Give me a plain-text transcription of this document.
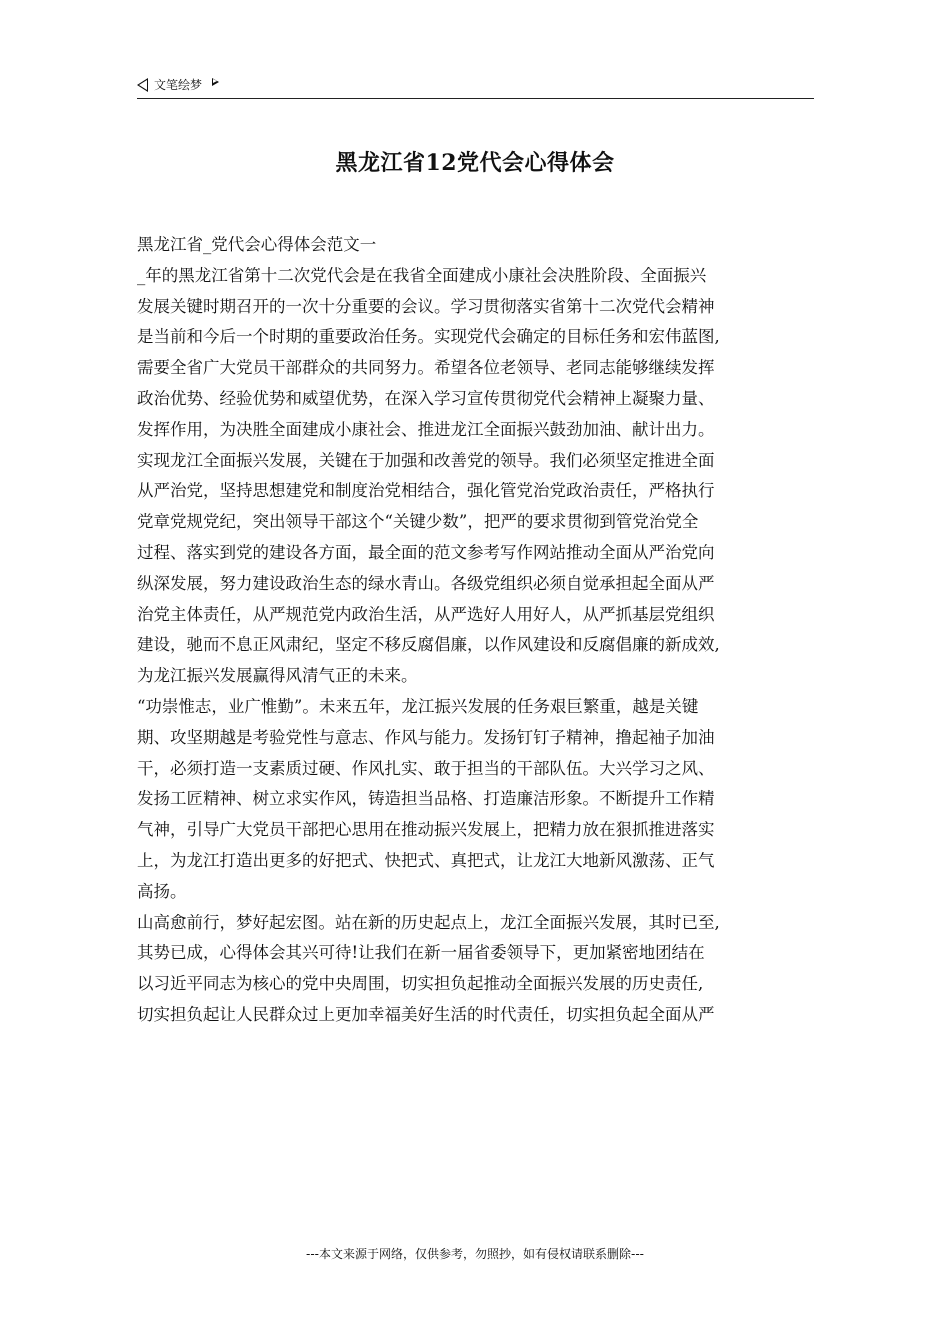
文笔绘梦
黑龙江省12党代会心得体会
黑龙江省_党代会心得体会范文一
_年的黑龙江省第十二次党代会是在我省全面建成小康社会决胜阶段、全面振兴
发展关键时期召开的一次十分重要的会议。学习贯彻落实省第十二次党代会精神
是当前和今后一个时期的重要政治任务。实现党代会确定的目标任务和宏伟蓝图,
需要全省广大党员干部群众的共同努力。希望各位老领导、老同志能够继续发挥
政治优势、经验优势和威望优势，在深入学习宣传贯彻党代会精神上凝聚力量、
发挥作用，为决胜全面建成小康社会、推进龙江全面振兴鼓劲加油、献计出力。
实现龙江全面振兴发展，关键在于加强和改善党的领导。我们必须坚定推进全面
从严治党，坚持思想建党和制度治党相结合，强化管党治党政治责任，严格执行
党章党规党纪，突出领导干部这个“关键少数”，把严的要求贯彻到管党治党全
过程、落实到党的建设各方面，最全面的范文参考写作网站推动全面从严治党向
纵深发展，努力建设政治生态的绿水青山。各级党组织必须自觉承担起全面从严
治党主体责任，从严规范党内政治生活，从严选好人用好人，从严抓基层党组织
建设，驰而不息正风肃纪，坚定不移反腐倡廉，以作风建设和反腐倡廉的新成效,
为龙江振兴发展赢得风清气正的未来。
“功崇惟志，业广惟勤”。未来五年，龙江振兴发展的任务艰巨繁重，越是关键
期、攻坚期越是考验党性与意志、作风与能力。发扬钉钉子精神，撸起袖子加油
干，必须打造一支素质过硬、作风扎实、敢于担当的干部队伍。大兴学习之风、
发扬工匠精神、树立求实作风，铸造担当品格、打造廉洁形象。不断提升工作精
气神，引导广大党员干部把心思用在推动振兴发展上，把精力放在狠抓推进落实
上，为龙江打造出更多的好把式、快把式、真把式，让龙江大地新风激荡、正气
高扬。
山高愈前行，梦好起宏图。站在新的历史起点上，龙江全面振兴发展，其时已至,
其势已成，心得体会其兴可待!让我们在新一届省委领导下，更加紧密地团结在
以习近平同志为核心的党中央周围，切实担负起推动全面振兴发展的历史责任,
切实担负起让人民群众过上更加幸福美好生活的时代责任，切实担负起全面从严
---本文来源于网络，仅供参考，勿照抄，如有侵权请联系删除---
